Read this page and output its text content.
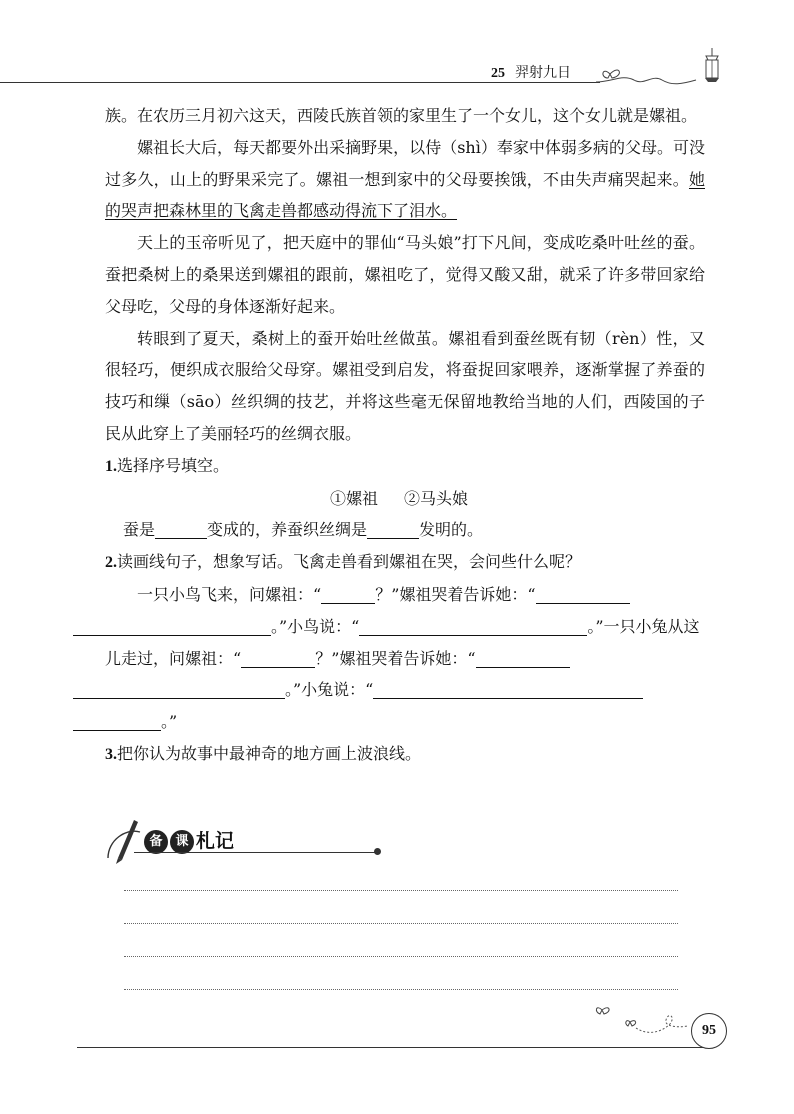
25 羿射九日

族。在农历三月初六这天，西陵氏族首领的家里生了一个女儿，这个女儿就是嫘祖。

嫘祖长大后，每天都要外出采摘野果，以侍（shì）奉家中体弱多病的父母。可没过多久，山上的野果采完了。嫘祖一想到家中的父母要挨饿，不由失声痛哭起来。她的哭声把森林里的飞禽走兽都感动得流下了泪水。

天上的玉帝听见了，把天庭中的罪仙“马头娘”打下凡间，变成吃桑叶吐丝的蚕。蚕把桑树上的桑果送到嫘祖的跟前，嫘祖吃了，觉得又酸又甜，就采了许多带回家给父母吃，父母的身体逐渐好起来。

转眼到了夏天，桑树上的蚕开始吐丝做茧。嫘祖看到蚕丝既有韧（rèn）性，又很轻巧，便织成衣服给父母穿。嫘祖受到启发，将蚕捉回家喂养，逐渐掌握了养蚕的技巧和缫（sāo）丝织绸的技艺，并将这些毫无保留地教给当地的人们，西陵国的子民从此穿上了美丽轻巧的丝绸衣服。

1.选择序号填空。

①嫘祖 ②马头娘

蚕是	变成的，养蚕织丝绸是	发明的。

2.读画线句子，想象写话。飞禽走兽看到嫘祖在哭，会问些什么呢？

一只小鸟飞来，问嫘祖：“	？”嫘祖哭着告诉她：“
。”小鸟说：“	。”一只小兔从这儿走过，问嫘祖：“	？”嫘祖哭着告诉她：“
。”小兔说：“
。”

3.把你认为故事中最神奇的地方画上波浪线。

备 课 札记
95
